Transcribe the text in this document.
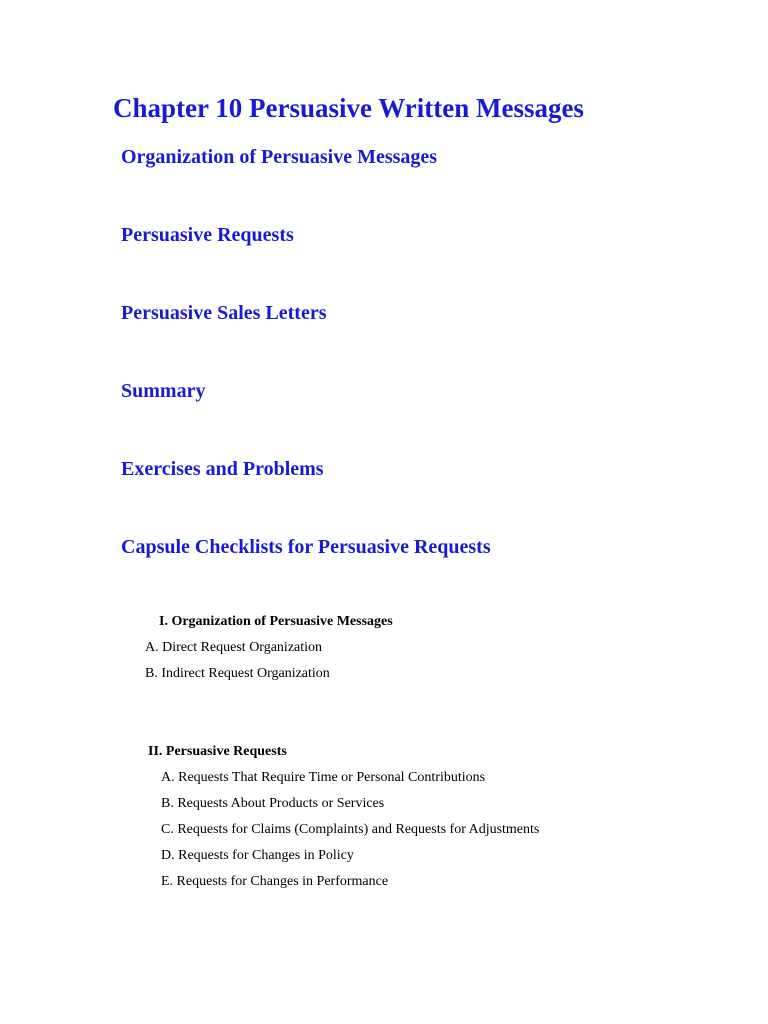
Chapter 10 Persuasive Written Messages
Organization of Persuasive Messages
Persuasive Requests
Persuasive Sales Letters
Summary
Exercises and Problems
Capsule Checklists for Persuasive Requests
I. Organization of Persuasive Messages
A. Direct Request Organization
B. Indirect Request Organization
II. Persuasive Requests
A. Requests That Require Time or Personal Contributions
B. Requests About Products or Services
C. Requests for Claims (Complaints) and Requests for Adjustments
D. Requests for Changes in Policy
E. Requests for Changes in Performance
